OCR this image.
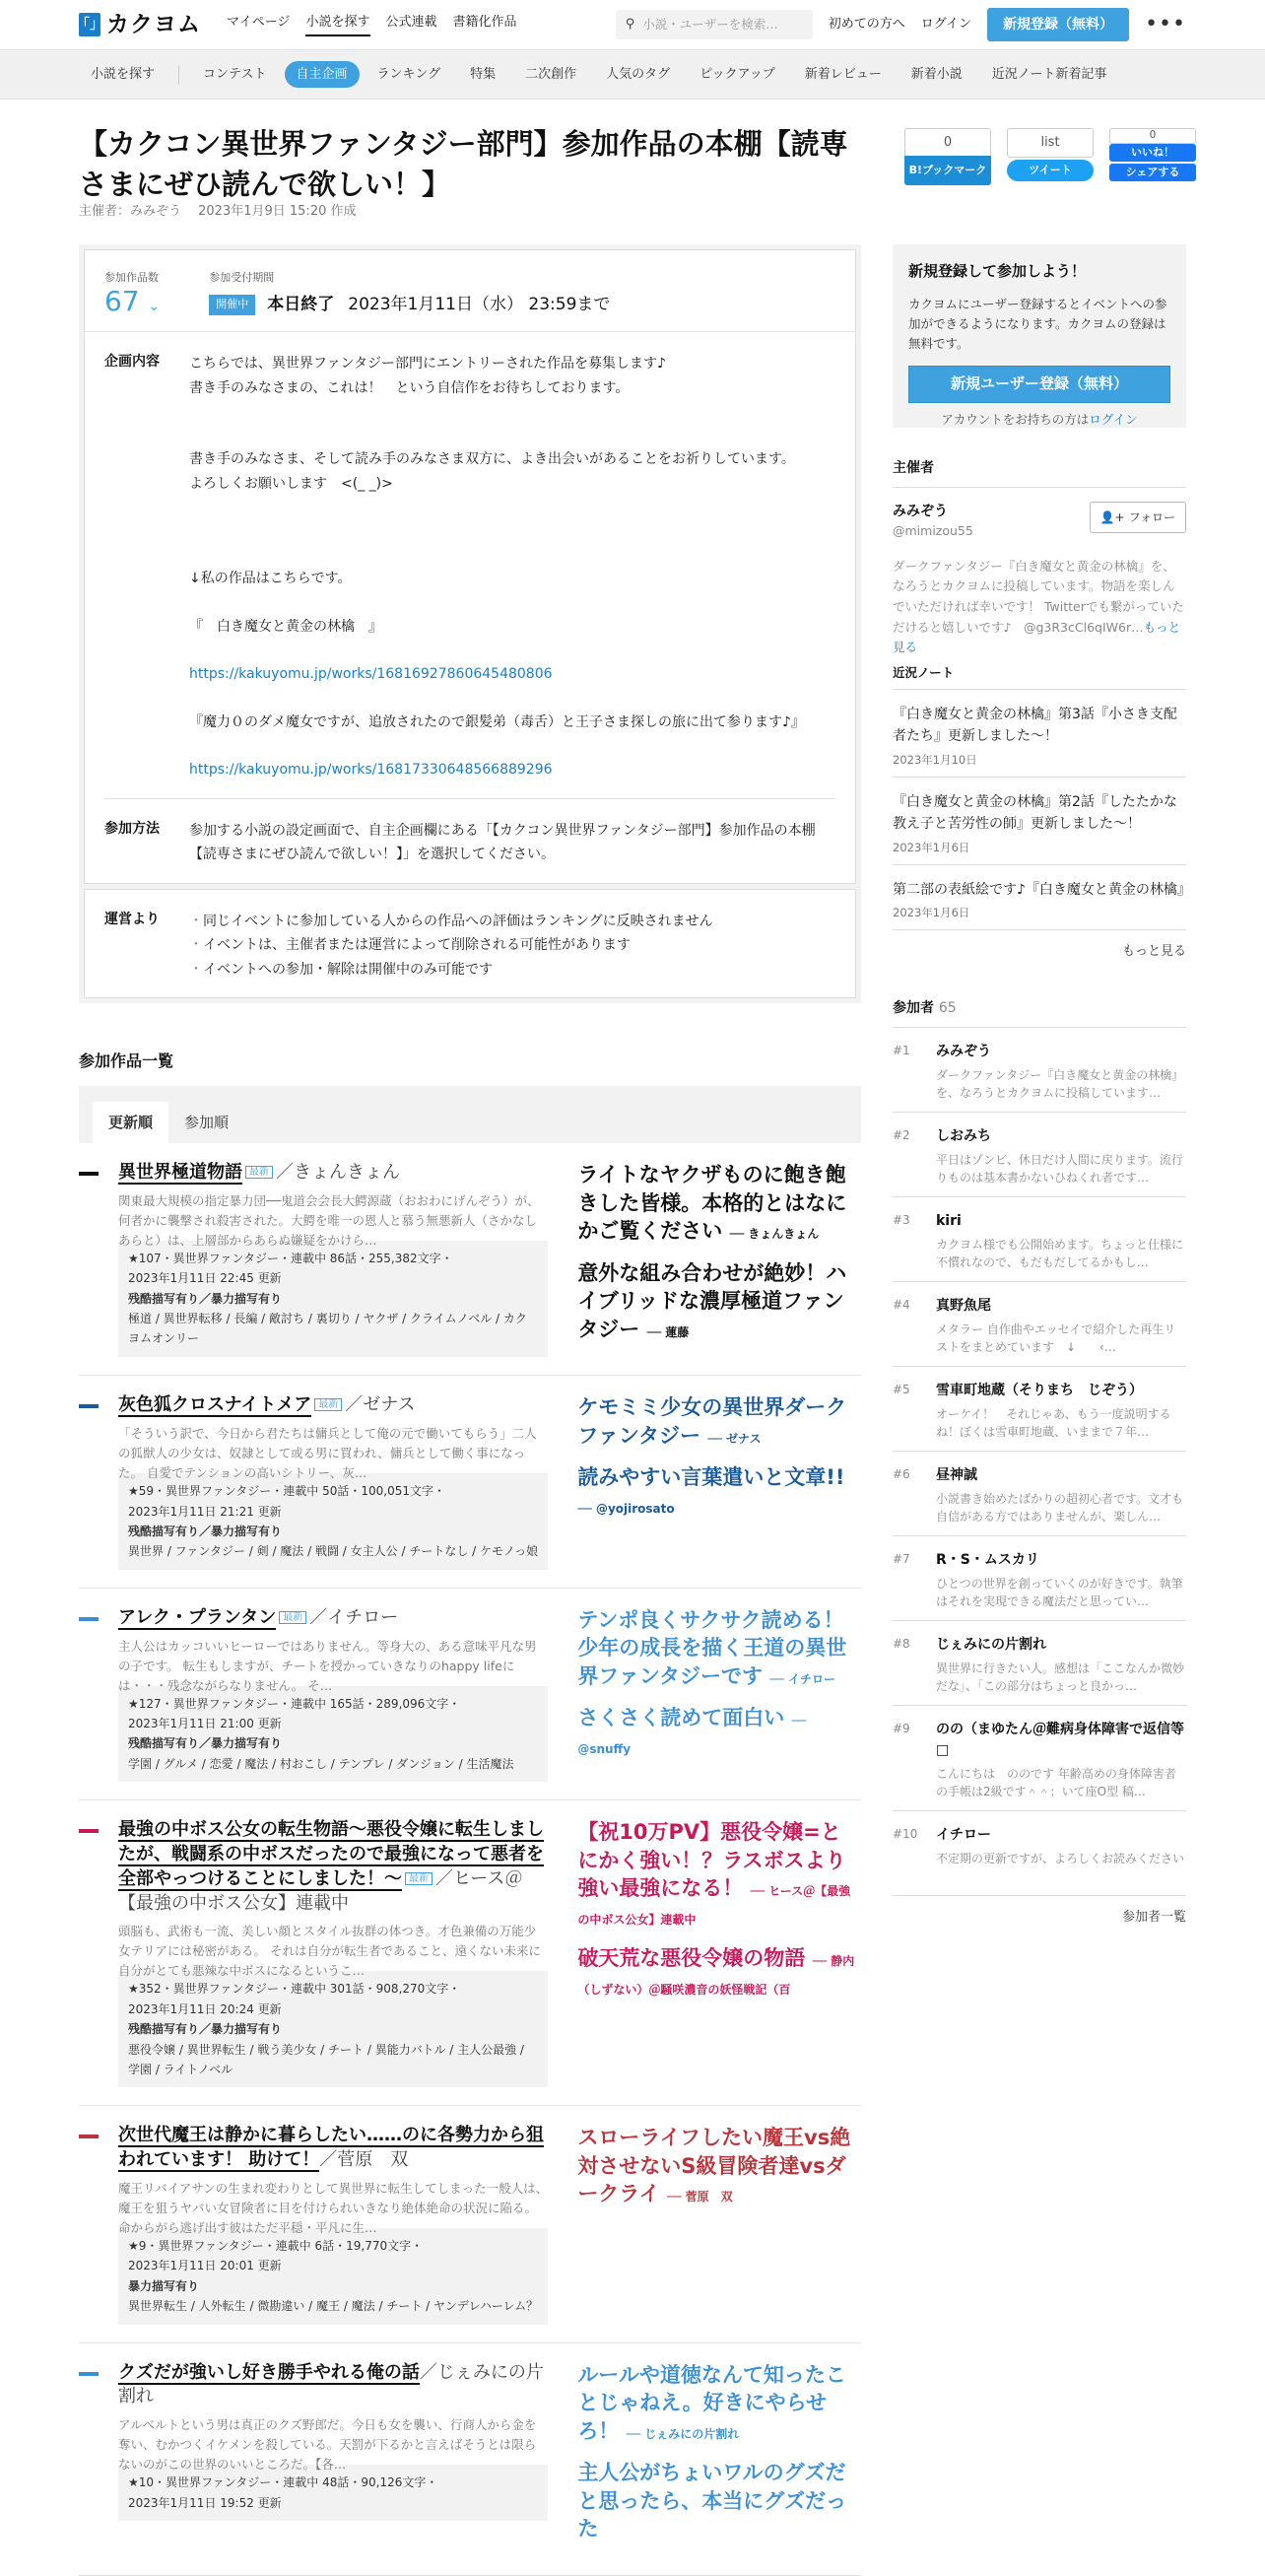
「」 カクヨム マイページ 小説を探す 公式連載 書籍化作品	⚲ 小説・ユーザーを検索…	初めての方へ ログイン	新規登録（無料）	•••
小説を探す	コンテスト	自主企画	ランキング	特集	二次創作	人気のタグ	ピックアップ	新着レビュー	新着小説	近況ノート新着記事
【カクコン異世界ファンタジー部門】参加作品の本棚【読専さまにぜひ読んで欲しい！】
主催者：みみぞう　 2023年1月9日 15:20 作成
0
B!ブックマーク
list
ツイート
0
いいね！
シェアする
参加作品数
67 ⌄
参加受付期間
開催中	本日終了 2023年1月11日（水） 23:59まで
企画内容	こちらでは、異世界ファンタジー部門にエントリーされた作品を募集します♪

書き手のみなさまの、これは！　という自信作をお待ちしております。

書き手のみなさま、そして読み手のみなさま双方に、よき出会いがあることをお祈りしています。

よろしくお願いします　<(_ _)>

↓私の作品はこちらです。

『　白き魔女と黄金の林檎　』

https://kakuyomu.jp/works/16816927860645480806

『魔力０のダメ魔女ですが、追放されたので銀髪弟（毒舌）と王子さま探しの旅に出て参ります♪』

https://kakuyomu.jp/works/16817330648566889296

参加方法	参加する小説の設定画面で、自主企画欄にある「【カクコン異世界ファンタジー部門】参加作品の本棚【読専さまにぜひ読んで欲しい！】」を選択してください。
運営より
・	同じイベントに参加している人からの作品への評価はランキングに反映されません
・ イベントは、主催者または運営によって削除される可能性があります
・ イベントへの参加・解除は開催中のみ可能です
参加作品一覧
更新順	参加順
異世界極道物語 最新 ／きょんきょん
関東最大規模の指定暴力団──鬼道会会長大鰐源蔵（おおわにげんぞう）が、何者かに襲撃され殺害された。大鰐を唯一の恩人と慕う無悪新人（さかなしあらと）は、上層部からあらぬ嫌疑をかけら…
★107・異世界ファンタジー・連載中 86話・255,382文字・
2023年1月11日 22:45 更新
残酷描写有り／暴力描写有り
極道 / 異世界転移 / 長編 / 敵討ち / 裏切り / ヤクザ / クライムノベル / カクヨムオンリー
ライトなヤクザものに飽き飽きした皆様。本格的とはなにかご覧ください ── きょんきょん
意外な組み合わせが絶妙！ハイブリッドな濃厚極道ファンタジー ── 蓮藤
灰色狐クロスナイトメア 最新 ／ゼナス
「そういう訳で、今日から君たちは傭兵として俺の元で働いてもらう」二人の狐獣人の少女は、奴隷として或る男に買われ、傭兵として働く事になった。 自愛でテンションの高いシトリー、灰…
★59・異世界ファンタジー・連載中 50話・100,051文字・
2023年1月11日 21:21 更新
残酷描写有り／暴力描写有り
異世界 / ファンタジー / 剣 / 魔法 / 戦闘 / 女主人公 / チートなし / ケモノっ娘
ケモミミ少女の異世界ダークファンタジー ── ゼナス
読みやすい言葉遣いと文章!! ── @yojirosato
アレク・プランタン 最新 ／イチロー
主人公はカッコいいヒーローではありません。等身大の、ある意味平凡な男の子です。 転生もしますが、チートを授かっていきなりのhappy lifeには・・・残念ながらなりません。 そ…
★127・異世界ファンタジー・連載中 165話・289,096文字・
2023年1月11日 21:00 更新
残酷描写有り／暴力描写有り
学園 / グルメ / 恋愛 / 魔法 / 村おこし / テンプレ / ダンジョン / 生活魔法
テンポ良くサクサク読める！少年の成長を描く王道の異世界ファンタジーです ── イチロー
さくさく読めて面白い ── @snuffy
最強の中ボス公女の転生物語～悪役令嬢に転生しましたが、戦闘系の中ボスだったので最強になって悪者を全部やっつけることにしました！～ 最新 ／ヒース＠【最強の中ボス公女】連載中
頭脳も、武術も一流、美しい顔とスタイル抜群の体つき。才色兼備の万能少女テリアには秘密がある。 それは自分が転生者であること、遠くない未来に自分がとても悪辣な中ボスになるというこ…
★352・異世界ファンタジー・連載中 301話・908,270文字・
2023年1月11日 20:24 更新
残酷描写有り／暴力描写有り
悪役令嬢 / 異世界転生 / 戦う美少女 / チート / 異能力バトル / 主人公最強 / 学園 / ライトノベル
【祝10万PV】悪役令嬢=とにかく強い！？ラスボスより強い最強になる！ ── ヒース＠【最強の中ボス公女】連載中
破天荒な悪役令嬢の物語 ── 静内（しずない）＠騒咲濃音の妖怪戦記（百
次世代魔王は静かに暮らしたい……のに各勢力から狙われています！ 助けて！／菅原　双
魔王リバイアサンの生まれ変わりとして異世界に転生してしまった一般人は、魔王を狙うヤバい女冒険者に目を付けられいきなり絶体絶命の状況に陥る。命からがら逃げ出す彼はただ平穏・平凡に生…
★9・異世界ファンタジー・連載中 6話・19,770文字・
2023年1月11日 20:01 更新
暴力描写有り
異世界転生 / 人外転生 / 微勘違い / 魔王 / 魔法 / チート / ヤンデレハーレム？
スローライフしたい魔王vs絶対させないS級冒険者達vsダークライ ── 菅原　双
クズだが強いし好き勝手やれる俺の話／じぇみにの片割れ
アルベルトという男は真正のクズ野郎だ。今日も女を襲い、行商人から金を奪い、むかつくイケメンを殺している。天罰が下るかと言えばそうとは限らないのがこの世界のいいところだ。【各…
★10・異世界ファンタジー・連載中 48話・90,126文字・
2023年1月11日 19:52 更新
ルールや道徳なんて知ったことじゃねえ。好きにやらせろ！ ── じぇみにの片割れ
主人公がちょいワルのグズだと思ったら、本当にグズだった
新規登録して参加しよう！

カクヨムにユーザー登録するとイベントへの参加ができるようになります。カクヨムの登録は無料です。

新規ユーザー登録（無料）
アカウントをお持ちの方はログイン
主催者
みみぞう
@mimizou55
👤+ フォロー
ダークファンタジー『白き魔女と黄金の林檎』を、なろうとカクヨムに投稿しています。物語を楽しんでいただければ幸いです！ Twitterでも繋がっていただけると嬉しいです♪　@g3R3cCl6qIW6r…もっと見る
近況ノート
『白き魔女と黄金の林檎』第3話『小さき支配者たち』更新しました～！
2023年1月10日
『白き魔女と黄金の林檎』第2話『したたかな教え子と苦労性の師』更新しました～！
2023年1月6日
第二部の表紙絵です♪『白き魔女と黄金の林檎』
2023年1月6日
もっと見る
参加者 65
#1	みみぞう
ダークファンタジー『白き魔女と黄金の林檎』を、なろうとカクヨムに投稿しています…
#2	しおみち
平日はゾンビ、休日だけ人間に戻ります。流行りものは基本書かないひねくれ者です…
#3	kiri
カクヨム様でも公開始めます。ちょっと仕様に不慣れなので、もだもだしてるかもし…
#4	真野魚尾
メタラー 自作曲やエッセイで紹介した再生リストをまとめています　↓　　‹…
#5	雪車町地蔵（そりまち　じぞう）
オーケイ！　それじゃあ、もう一度説明するね！ぼくは雪車町地蔵、いままで７年…
#6	昼神誠
小説書き始めたばかりの超初心者です。文才も自信がある方ではありませんが、楽しん…
#7	R・S・ムスカリ
ひとつの世界を創っていくのが好きです。執筆はそれを実現できる魔法だと思ってい…
#8	じぇみにの片割れ
異世界に行きたい人。感想は「ここなんか微妙だな」、「この部分はちょっと良かっ…
#9	のの（まゆたん＠難病身体障害で返信等□
こんにちは　ののです 年齢高めの身体障害者の手帳は2級です＾＾；いて座O型 稿…
#10	イチロー
不定期の更新ですが、よろしくお読みください
参加者一覧
